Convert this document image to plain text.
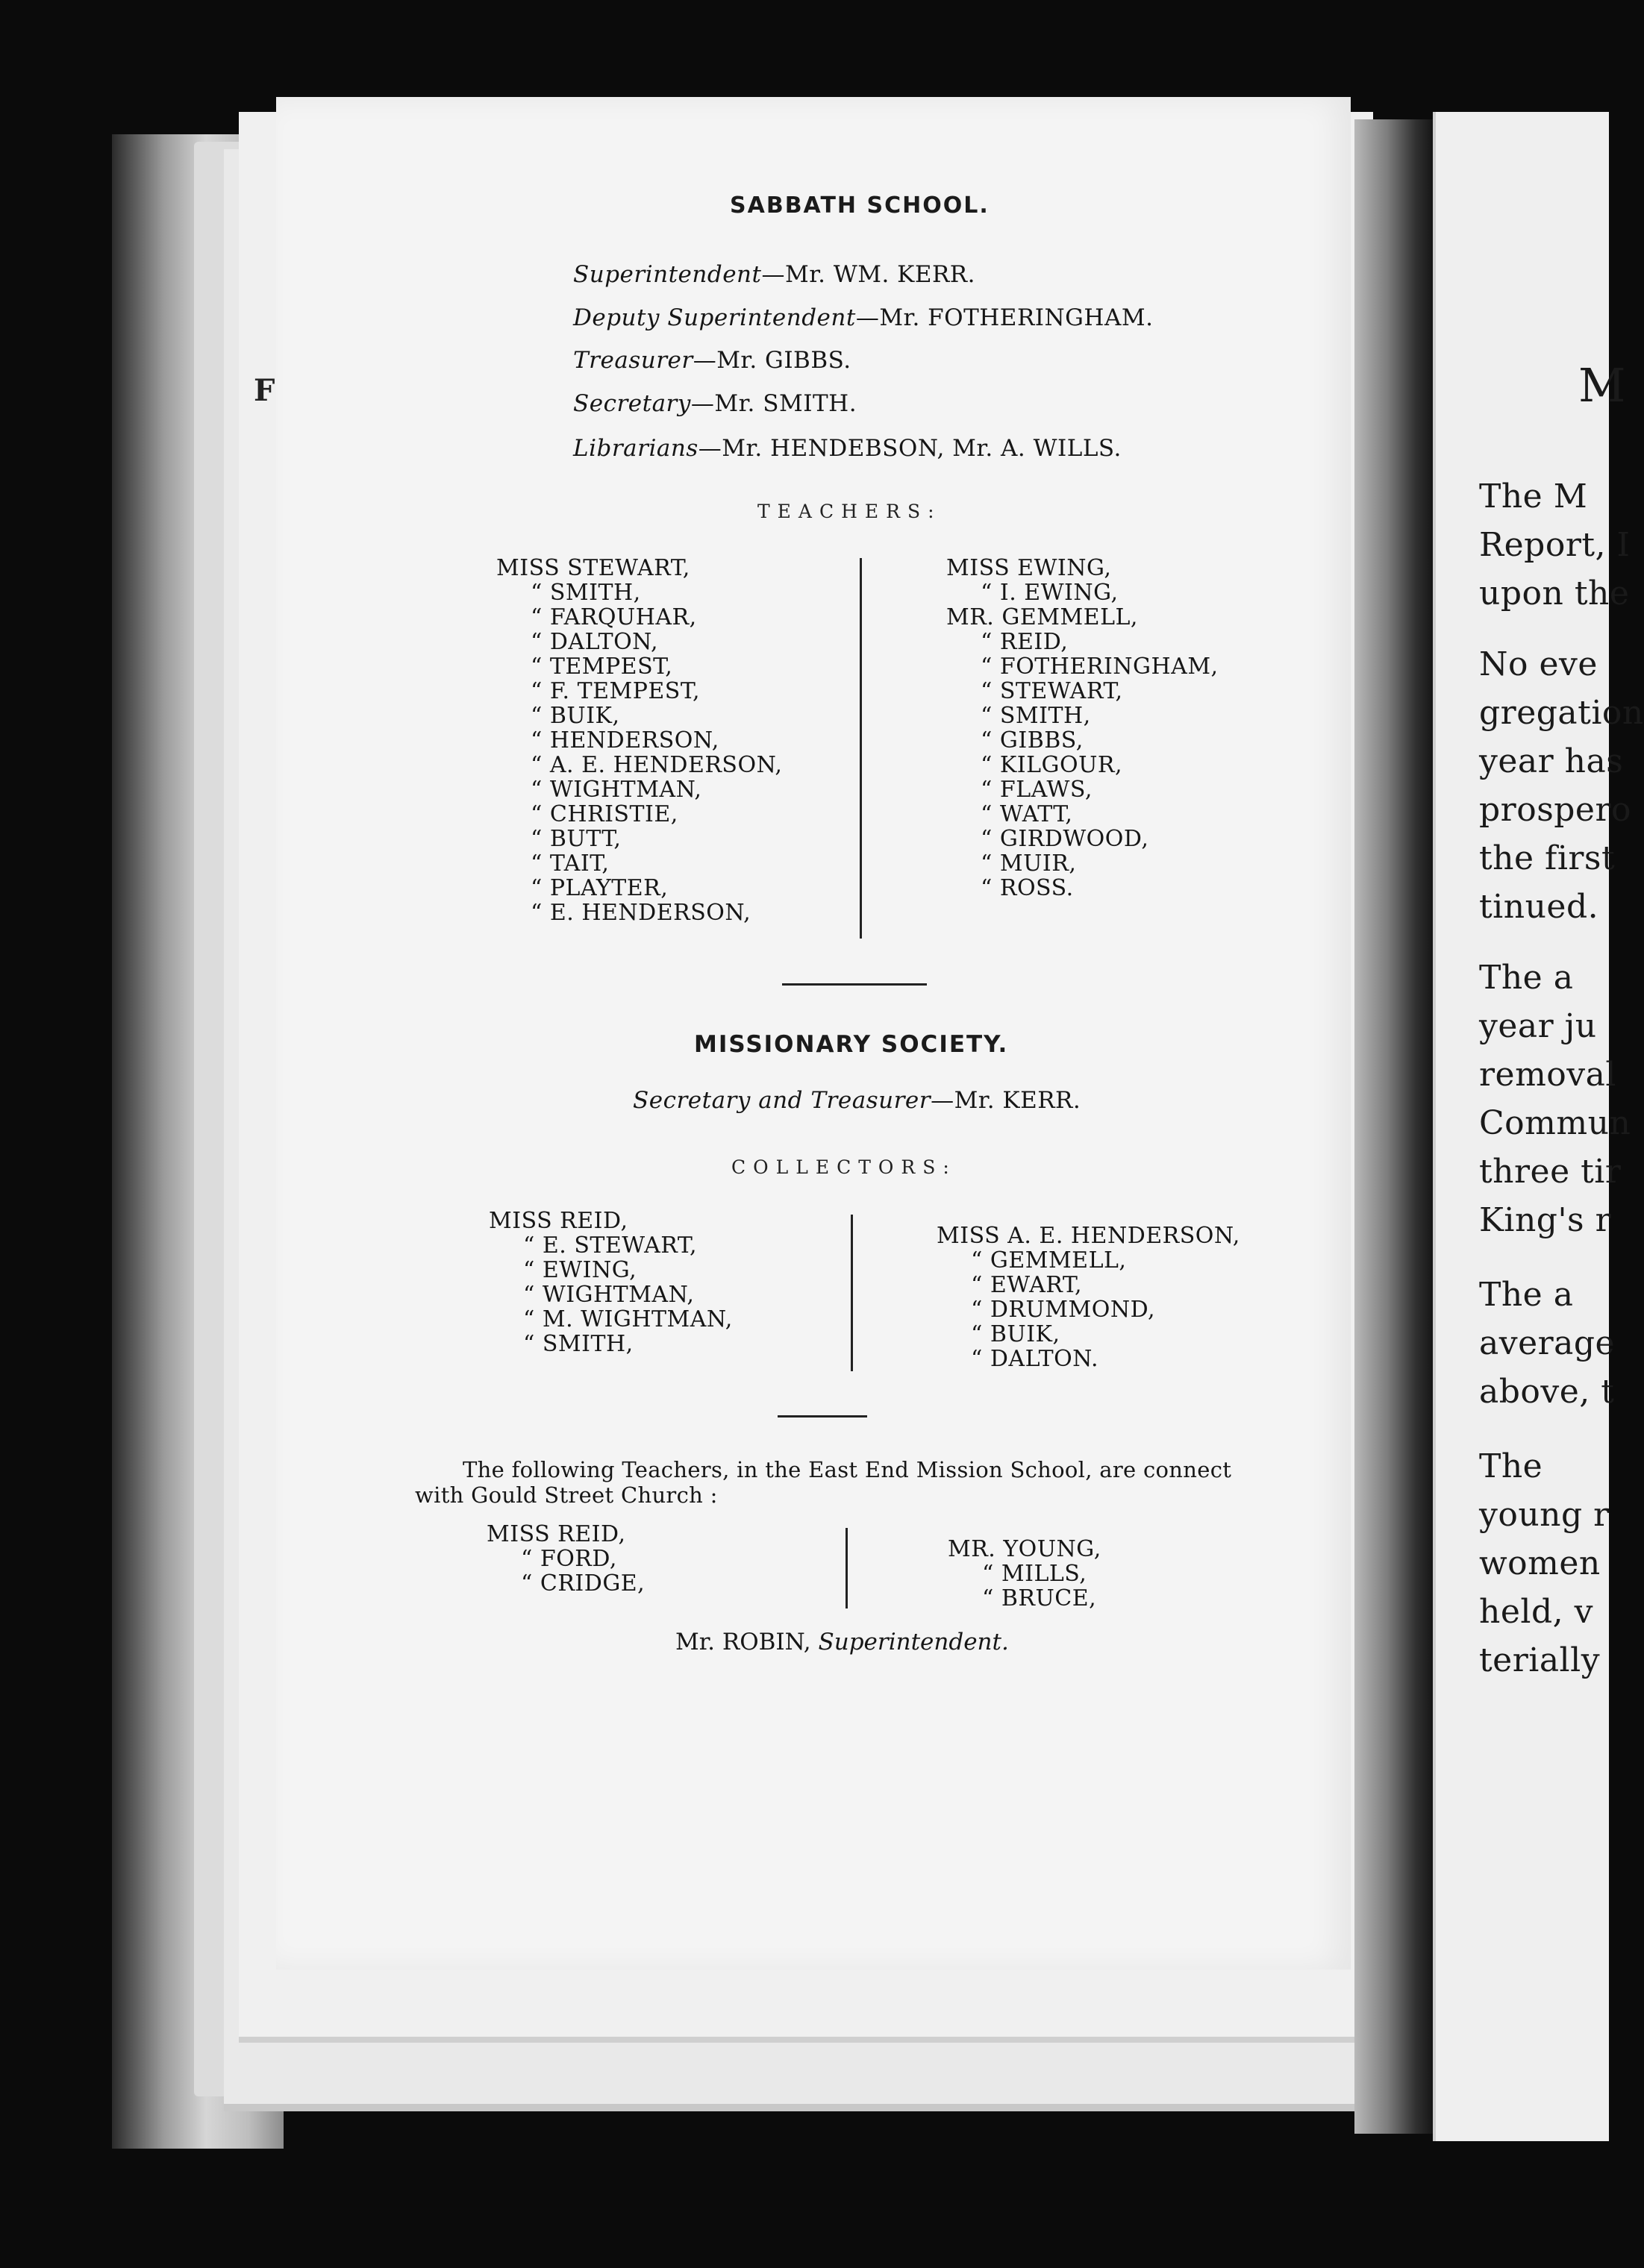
F
The M
Report, I
upon the
No eve
gregation
year has
prospero
the first
tinued.
The a
year ju
removal
Commun
three tir
King's r
The a
average
above, t
The
young r
women
held, v
terially
M
SABBATH SCHOOL.
Superintendent—Mr. WM. KERR.
Deputy Superintendent—Mr. FOTHERINGHAM.
Treasurer—Mr. GIBBS.
Secretary—Mr. SMITH.
Librarians—Mr. HENDEBSON, Mr. A. WILLS.
TEACHERS:
MISS STEWART,
“ SMITH,
“ FARQUHAR,
“ DALTON,
“ TEMPEST,
“ F. TEMPEST,
“ BUIK,
“ HENDERSON,
“ A. E. HENDERSON,
“ WIGHTMAN,
“ CHRISTIE,
“ BUTT,
“ TAIT,
“ PLAYTER,
“ E. HENDERSON,
MISS EWING,
“ I. EWING,
MR. GEMMELL,
“ REID,
“ FOTHERINGHAM,
“ STEWART,
“ SMITH,
“ GIBBS,
“ KILGOUR,
“ FLAWS,
“ WATT,
“ GIRDWOOD,
“ MUIR,
“ ROSS.
MISSIONARY SOCIETY.
Secretary and Treasurer—Mr. KERR.
COLLECTORS:
MISS REID,
“ E. STEWART,
“ EWING,
“ WIGHTMAN,
“ M. WIGHTMAN,
“ SMITH,
MISS A. E. HENDERSON,
“ GEMMELL,
“ EWART,
“ DRUMMOND,
“ BUIK,
“ DALTON.
The following Teachers, in the East End Mission School, are connect
with Gould Street Church :
MISS REID,
“ FORD,
“ CRIDGE,
MR. YOUNG,
“ MILLS,
“ BRUCE,
Mr. ROBIN, Superintendent.
